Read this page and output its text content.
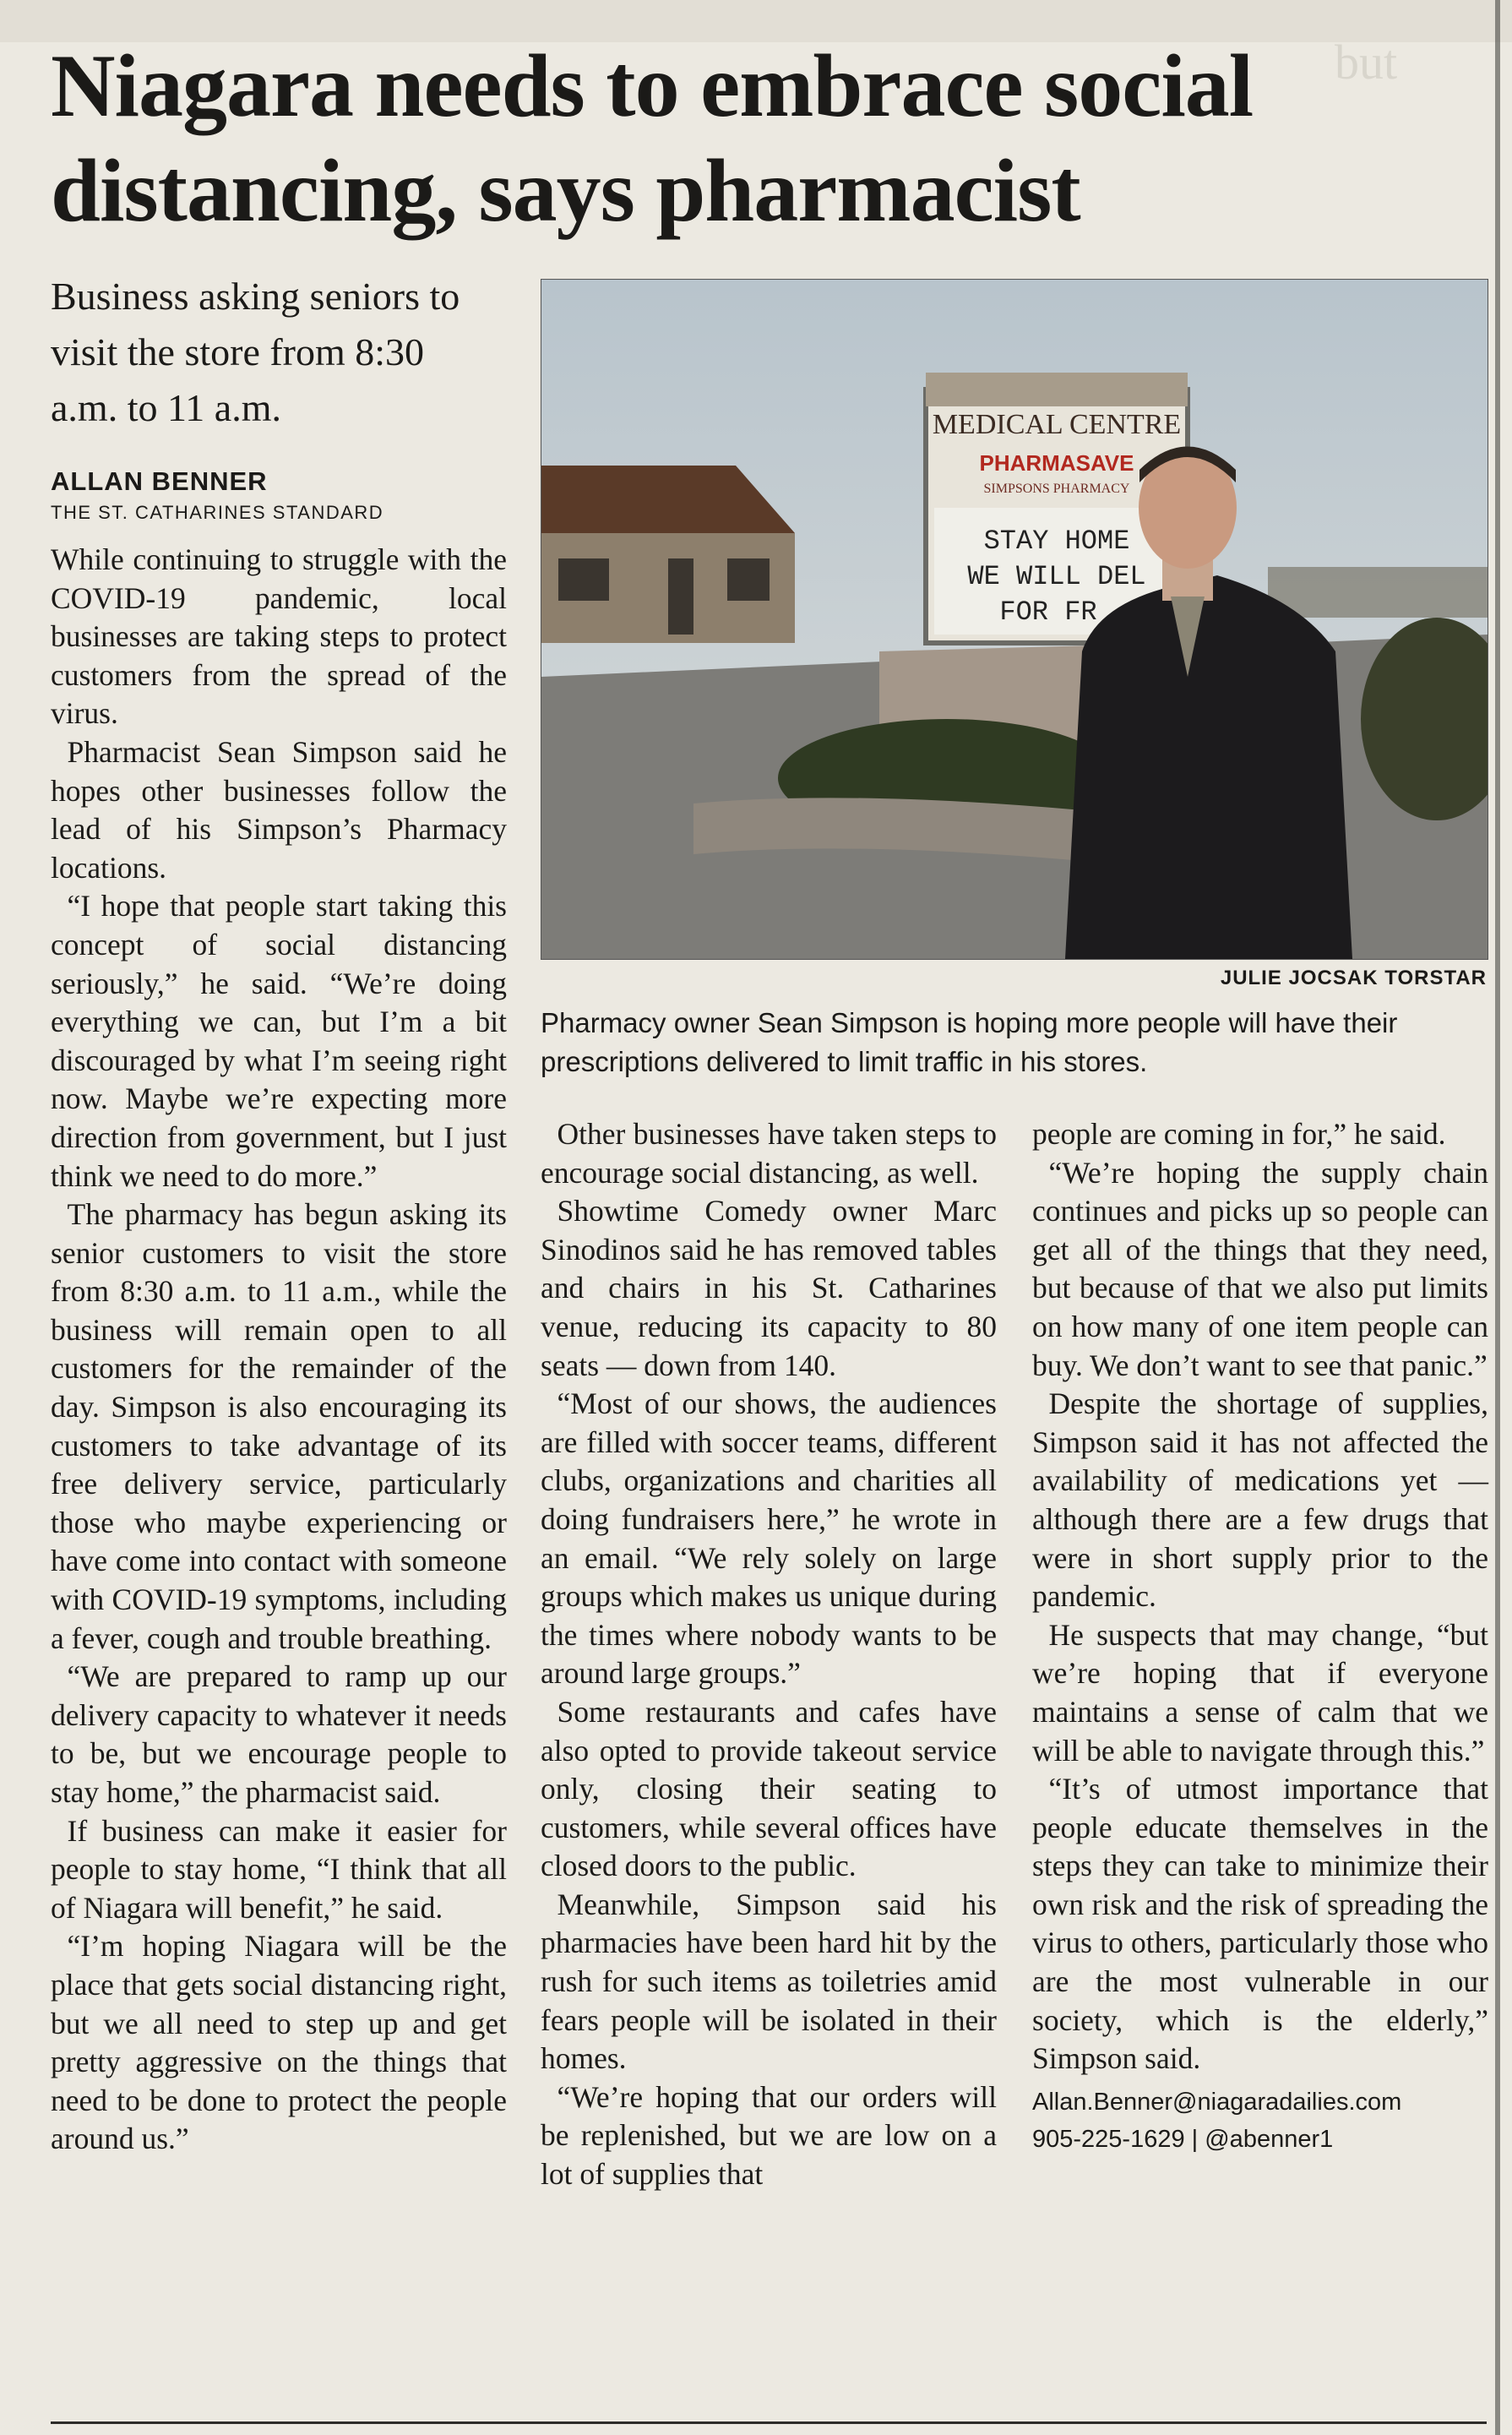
but
Niagara needs to embrace social distancing, says pharmacist

Business asking seniors to visit the store from 8:30 a.m. to 11 a.m.

ALLAN BENNER
THE ST. CATHARINES STANDARD
MEDICAL CENTRE
PHARMASAVE
SIMPSONS PHARMACY
STAY HOME
WE WILL DEL
FOR FR
JULIE JOCSAK TORSTAR
Pharmacy owner Sean Simpson is hoping more people will have their prescriptions delivered to limit traffic in his stores.

While continuing to struggle with the COVID-19 pandemic, local businesses are taking steps to protect customers from the spread of the virus.

Pharmacist Sean Simpson said he hopes other businesses follow the lead of his Simpson’s Pharmacy locations.

“I hope that people start taking this concept of social distancing seriously,” he said. “We’re doing everything we can, but I’m a bit discouraged by what I’m seeing right now. Maybe we’re expecting more direction from government, but I just think we need to do more.”

The pharmacy has begun asking its senior customers to visit the store from 8:30 a.m. to 11 a.m., while the business will remain open to all customers for the remainder of the day. Simpson is also encouraging its customers to take advantage of its free delivery service, particularly those who maybe experiencing or have come into contact with someone with COVID-19 symptoms, including a fever, cough and trouble breathing.

“We are prepared to ramp up our delivery capacity to whatever it needs to be, but we encourage people to stay home,” the pharmacist said.

If business can make it easier for people to stay home, “I think that all of Niagara will benefit,” he said.

“I’m hoping Niagara will be the place that gets social distancing right, but we all need to step up and get pretty aggressive on the things that need to be done to protect the people around us.”

Other businesses have taken steps to encourage social distancing, as well.

Showtime Comedy owner Marc Sinodinos said he has removed tables and chairs in his St. Catharines venue, reducing its capacity to 80 seats — down from 140.

“Most of our shows, the audiences are filled with soccer teams, different clubs, organizations and charities all doing fundraisers here,” he wrote in an email. “We rely solely on large groups which makes us unique during the times where nobody wants to be around large groups.”

Some restaurants and cafes have also opted to provide takeout service only, closing their seating to customers, while several offices have closed doors to the public.

Meanwhile, Simpson said his pharmacies have been hard hit by the rush for such items as toiletries amid fears people will be isolated in their homes.

“We’re hoping that our orders will be replenished, but we are low on a lot of supplies that

people are coming in for,” he said.

“We’re hoping the supply chain continues and picks up so people can get all of the things that they need, but because of that we also put limits on how many of one item people can buy. We don’t want to see that panic.”

Despite the shortage of supplies, Simpson said it has not affected the availability of medications yet — although there are a few drugs that were in short supply prior to the pandemic.

He suspects that may change, “but we’re hoping that if everyone maintains a sense of calm that we will be able to navigate through this.”

“It’s of utmost importance that people educate themselves in the steps they can take to minimize their own risk and the risk of spreading the virus to others, particularly those who are the most vulnerable in our society, which is the elderly,” Simpson said.

Allan.Benner@niagaradailies.com
905-225-1629 | @abenner1
